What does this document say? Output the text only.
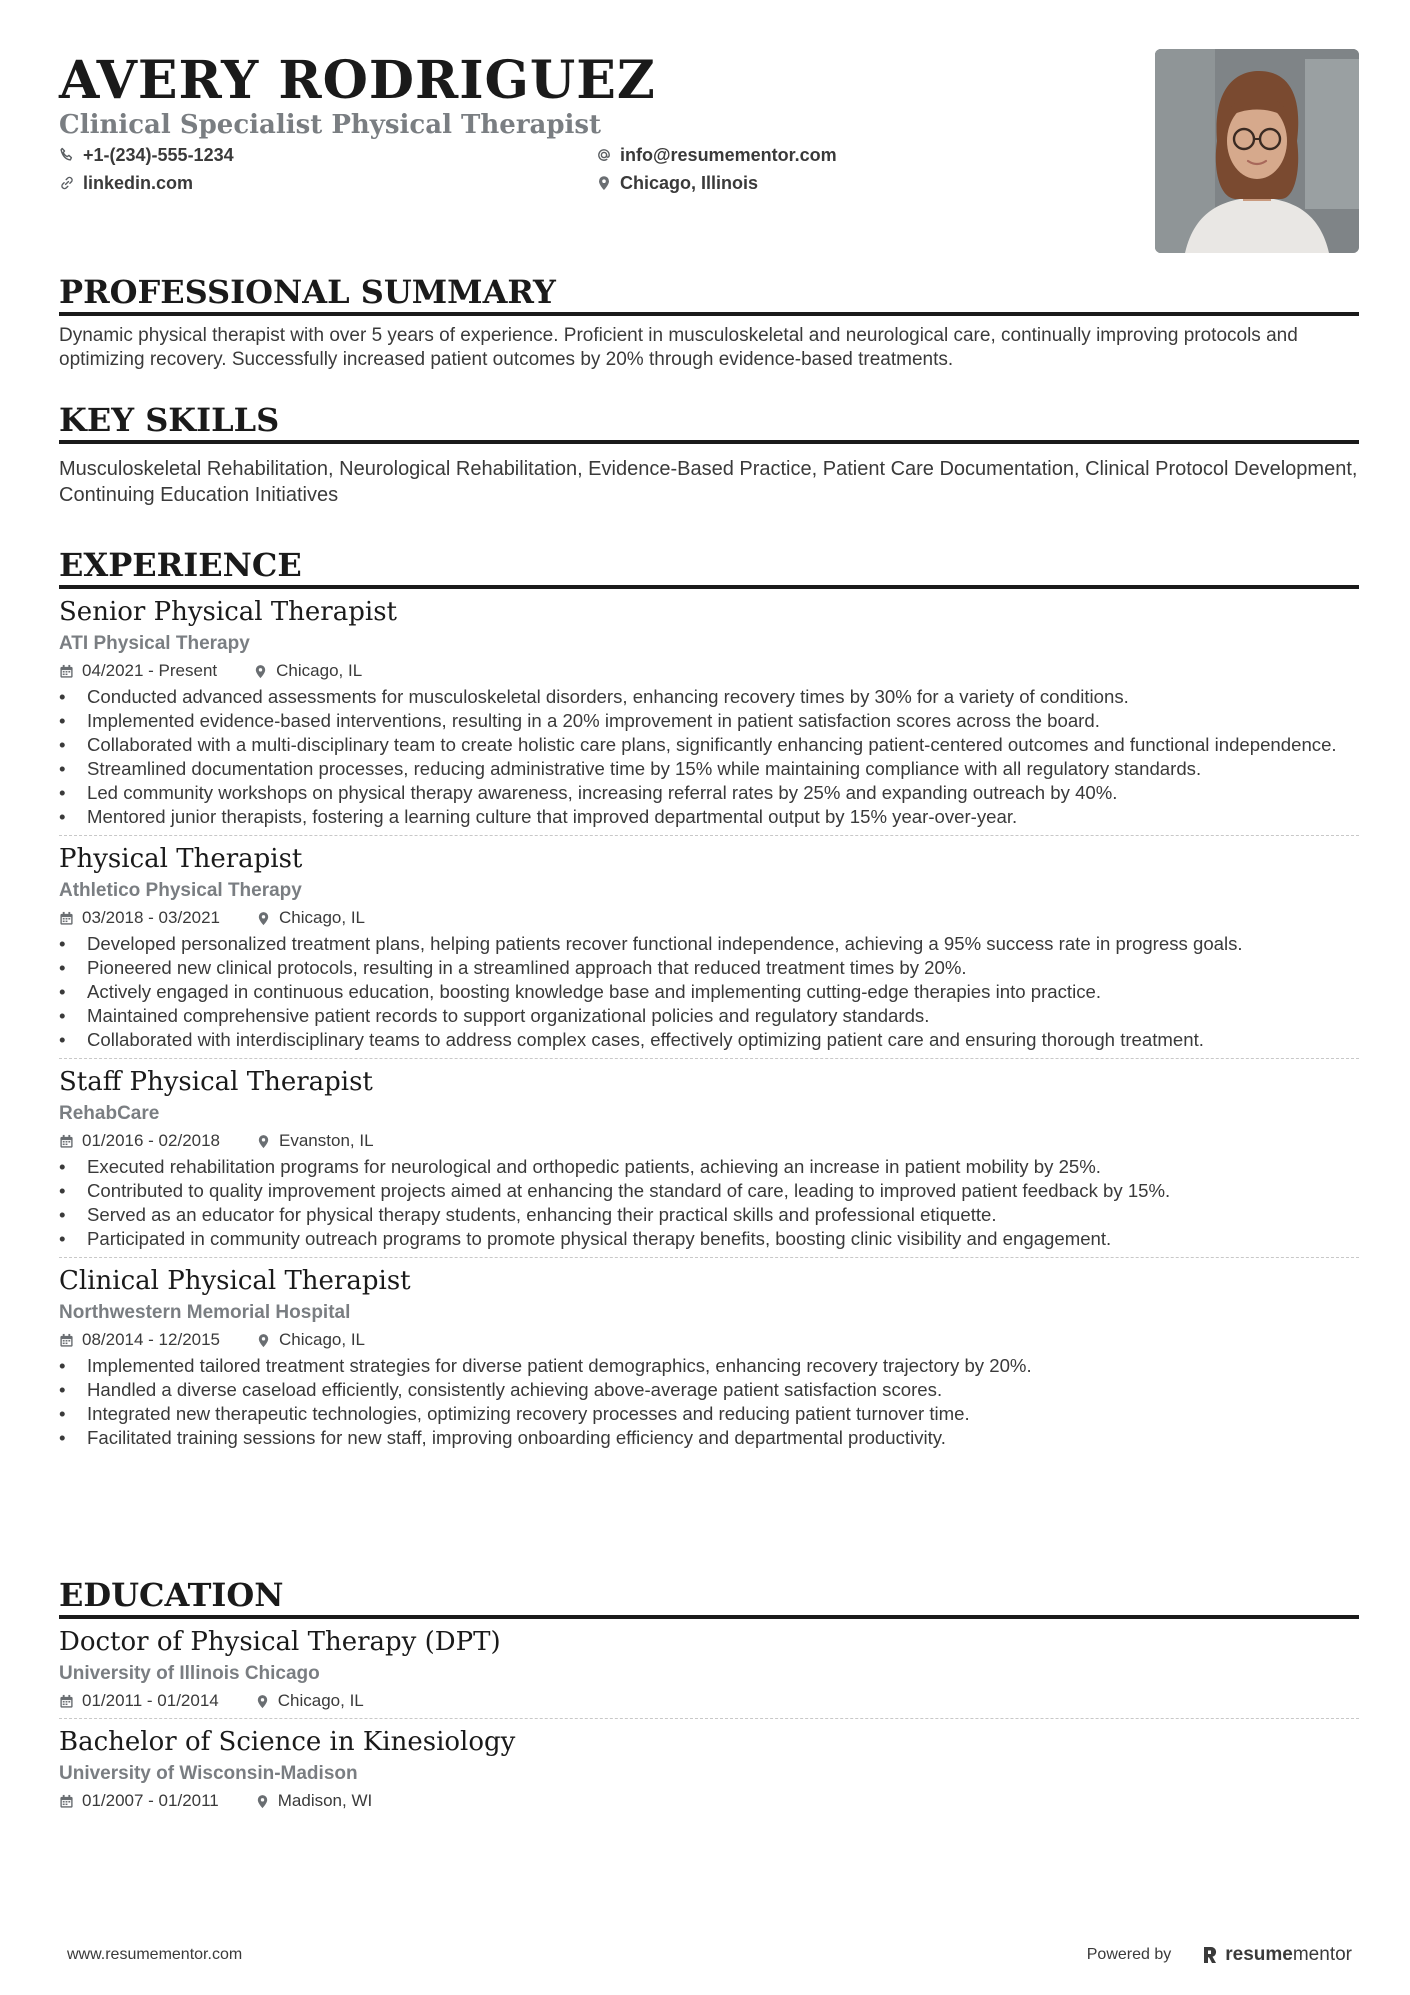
AVERY RODRIGUEZ
Clinical Specialist Physical Therapist
+1-(234)-555-1234	info@resumementor.com
linkedin.com	Chicago, Illinois
PROFESSIONAL SUMMARY
Dynamic physical therapist with over 5 years of experience. Proficient in musculoskeletal and neurological care, continually improving protocols and optimizing recovery. Successfully increased patient outcomes by 20% through evidence-based treatments.
KEY SKILLS
Musculoskeletal Rehabilitation, Neurological Rehabilitation, Evidence-Based Practice, Patient Care Documentation, Clinical Protocol Development, Continuing Education Initiatives
EXPERIENCE
Senior Physical Therapist
ATI Physical Therapy
04/2021 - Present	Chicago, IL
• Conducted advanced assessments for musculoskeletal disorders, enhancing recovery times by 30% for a variety of conditions.
• Implemented evidence-based interventions, resulting in a 20% improvement in patient satisfaction scores across the board.
• Collaborated with a multi-disciplinary team to create holistic care plans, significantly enhancing patient-centered outcomes and functional independence.
• Streamlined documentation processes, reducing administrative time by 15% while maintaining compliance with all regulatory standards.
• Led community workshops on physical therapy awareness, increasing referral rates by 25% and expanding outreach by 40%.
• Mentored junior therapists, fostering a learning culture that improved departmental output by 15% year-over-year.
Physical Therapist
Athletico Physical Therapy
03/2018 - 03/2021	Chicago, IL
• Developed personalized treatment plans, helping patients recover functional independence, achieving a 95% success rate in progress goals.
• Pioneered new clinical protocols, resulting in a streamlined approach that reduced treatment times by 20%.
• Actively engaged in continuous education, boosting knowledge base and implementing cutting-edge therapies into practice.
• Maintained comprehensive patient records to support organizational policies and regulatory standards.
• Collaborated with interdisciplinary teams to address complex cases, effectively optimizing patient care and ensuring thorough treatment.
Staff Physical Therapist
RehabCare
01/2016 - 02/2018	Evanston, IL
• Executed rehabilitation programs for neurological and orthopedic patients, achieving an increase in patient mobility by 25%.
• Contributed to quality improvement projects aimed at enhancing the standard of care, leading to improved patient feedback by 15%.
• Served as an educator for physical therapy students, enhancing their practical skills and professional etiquette.
• Participated in community outreach programs to promote physical therapy benefits, boosting clinic visibility and engagement.
Clinical Physical Therapist
Northwestern Memorial Hospital
08/2014 - 12/2015	Chicago, IL
• Implemented tailored treatment strategies for diverse patient demographics, enhancing recovery trajectory by 20%.
• Handled a diverse caseload efficiently, consistently achieving above-average patient satisfaction scores.
• Integrated new therapeutic technologies, optimizing recovery processes and reducing patient turnover time.
• Facilitated training sessions for new staff, improving onboarding efficiency and departmental productivity.
EDUCATION
Doctor of Physical Therapy (DPT)
University of Illinois Chicago
01/2011 - 01/2014	Chicago, IL
Bachelor of Science in Kinesiology
University of Wisconsin-Madison
01/2007 - 01/2011	Madison, WI
www.resumementor.com	Powered by	resume mentor
